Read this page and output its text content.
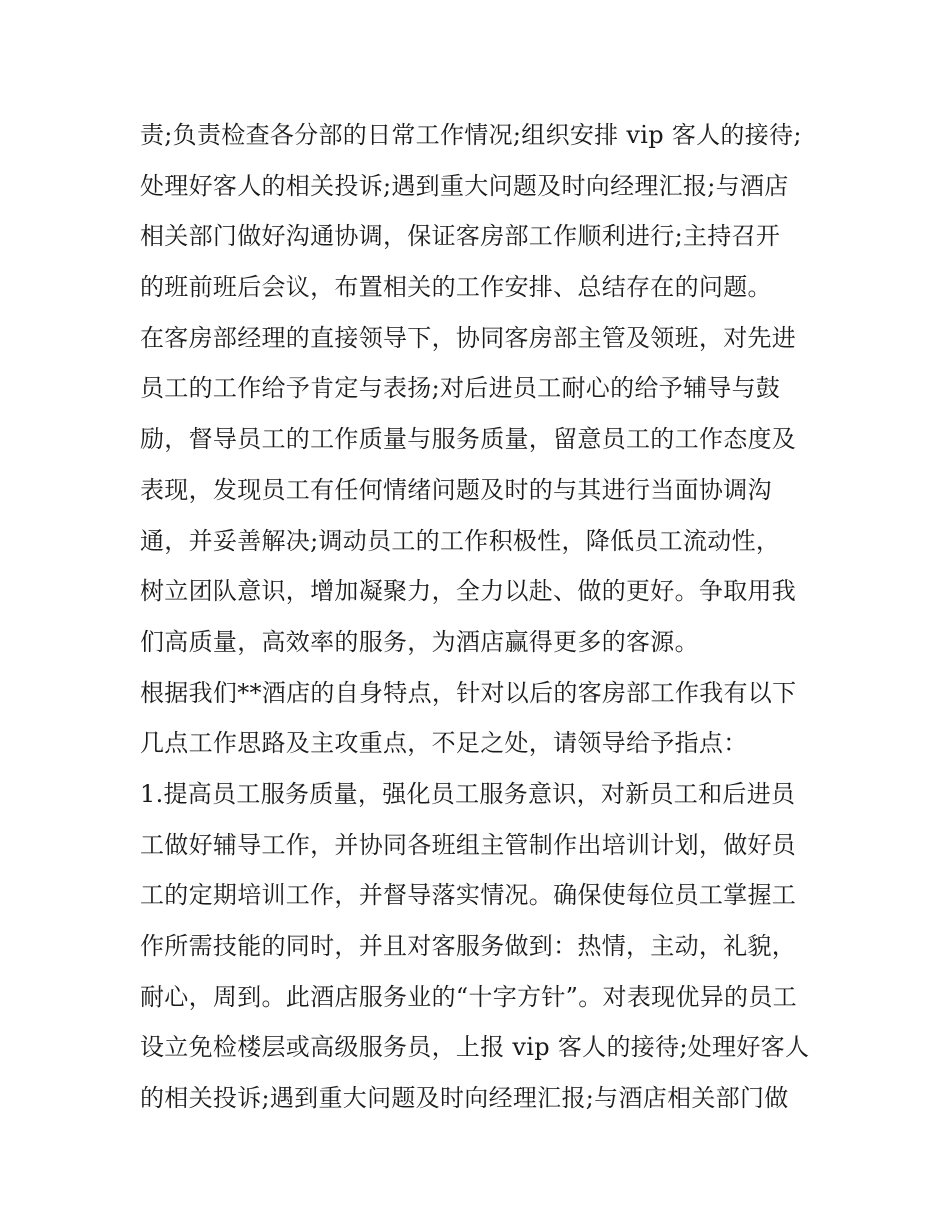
责;负责检查各分部的日常工作情况;组织安排 vip 客人的接待;
处理好客人的相关投诉;遇到重大问题及时向经理汇报;与酒店
相关部门做好沟通协调，保证客房部工作顺利进行;主持召开
的班前班后会议，布置相关的工作安排、总结存在的问题。
在客房部经理的直接领导下，协同客房部主管及领班，对先进
员工的工作给予肯定与表扬;对后进员工耐心的给予辅导与鼓
励，督导员工的工作质量与服务质量，留意员工的工作态度及
表现，发现员工有任何情绪问题及时的与其进行当面协调沟
通，并妥善解决;调动员工的工作积极性，降低员工流动性，
树立团队意识，增加凝聚力，全力以赴、做的更好。争取用我
们高质量，高效率的服务，为酒店赢得更多的客源。
根据我们**酒店的自身特点，针对以后的客房部工作我有以下
几点工作思路及主攻重点，不足之处，请领导给予指点：
1.提高员工服务质量，强化员工服务意识，对新员工和后进员
工做好辅导工作，并协同各班组主管制作出培训计划，做好员
工的定期培训工作，并督导落实情况。确保使每位员工掌握工
作所需技能的同时，并且对客服务做到：热情，主动，礼貌，
耐心，周到。此酒店服务业的“十字方针”。对表现优异的员工
设立免检楼层或高级服务员，上报 vip 客人的接待;处理好客人
的相关投诉;遇到重大问题及时向经理汇报;与酒店相关部门做
